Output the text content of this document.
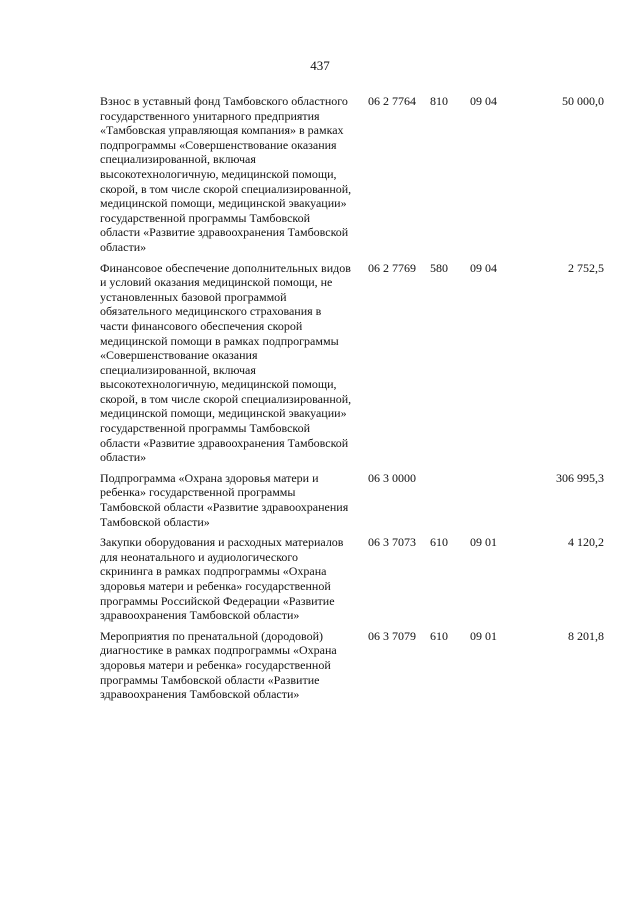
437
Взнос в уставный фонд Тамбовского областного государственного унитарного предприятия «Тамбовская управляющая компания» в рамках подпрограммы «Совершенствование оказания специализированной, включая высокотехнологичную, медицинской помощи, скорой, в том числе скорой специализированной, медицинской помощи, медицинской эвакуации» государственной программы Тамбовской области «Развитие здравоохранения Тамбовской области»
06 2 7764 810 09 04	50 000,0
Финансовое обеспечение дополнительных видов и условий оказания медицинской помощи, не установленных базовой программой обязательного медицинского страхования в части финансового обеспечения скорой медицинской помощи в рамках подпрограммы «Совершенствование оказания специализированной, включая высокотехнологичную, медицинской помощи, скорой, в том числе скорой специализированной, медицинской помощи, медицинской эвакуации» государственной программы Тамбовской области «Развитие здравоохранения Тамбовской области»
06 2 7769 580 09 04	2 752,5
Подпрограмма «Охрана здоровья матери и ребенка» государственной программы Тамбовской области «Развитие здравоохранения Тамбовской области»
06 3 0000	306 995,3
Закупки оборудования и расходных материалов для неонатального и аудиологического скрининга в рамках подпрограммы «Охрана здоровья матери и ребенка» государственной программы Российской Федерации «Развитие здравоохранения Тамбовской области»
06 3 7073 610 09 01	4 120,2
Мероприятия по пренатальной (дородовой) диагностике в рамках подпрограммы «Охрана здоровья матери и ребенка» государственной программы Тамбовской области «Развитие здравоохранения Тамбовской области»
06 3 7079 610 09 01	8 201,8
